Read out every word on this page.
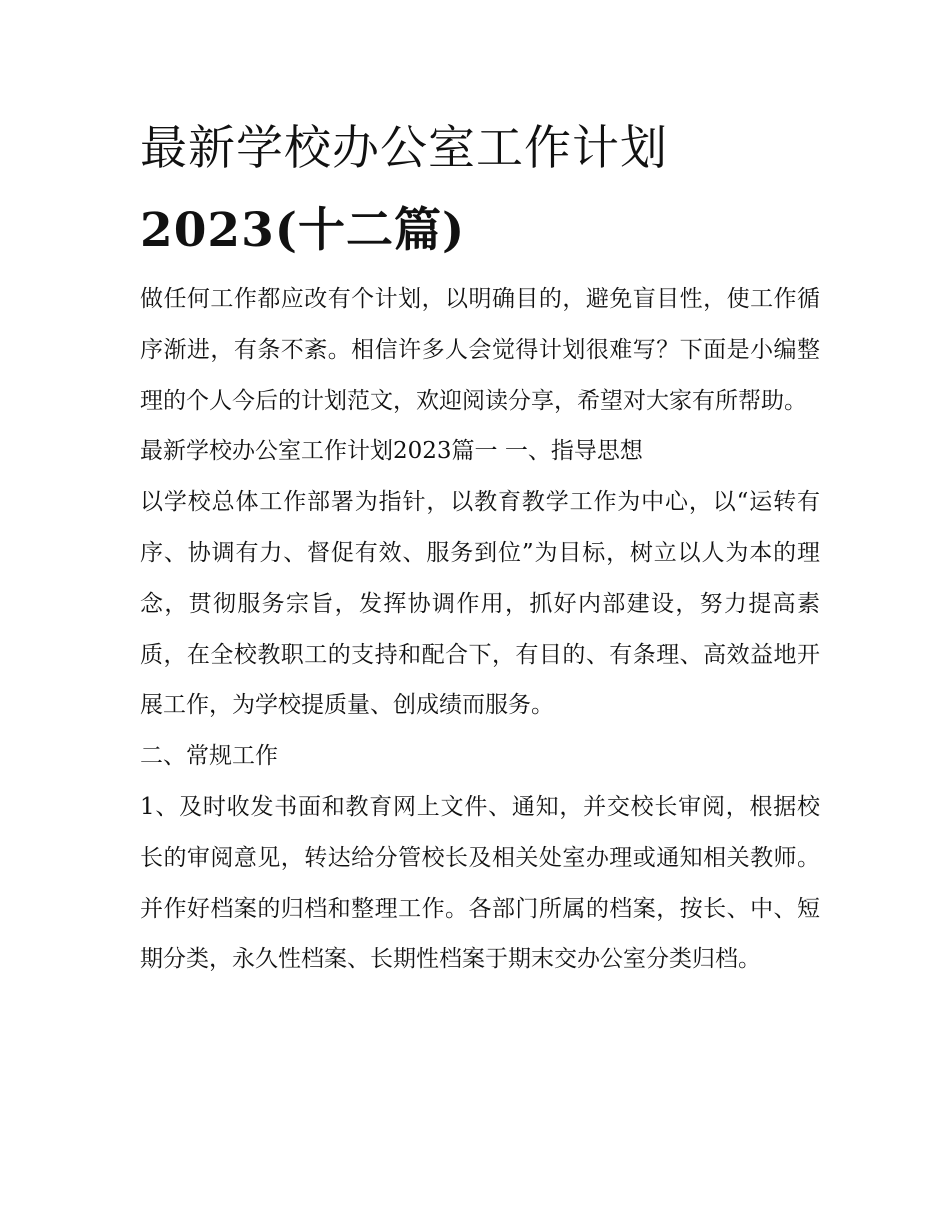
最新学校办公室工作计划
2023(十二篇)

做任何工作都应改有个计划，以明确目的，避免盲目性，使工作循序渐进，有条不紊。相信许多人会觉得计划很难写？下面是小编整理的个人今后的计划范文，欢迎阅读分享，希望对大家有所帮助。

最新学校办公室工作计划2023篇一 一、指导思想

以学校总体工作部署为指针，以教育教学工作为中心，以“运转有序、协调有力、督促有效、服务到位”为目标，树立以人为本的理念，贯彻服务宗旨，发挥协调作用，抓好内部建设，努力提高素质，在全校教职工的支持和配合下，有目的、有条理、高效益地开展工作，为学校提质量、创成绩而服务。

二、常规工作

1、及时收发书面和教育网上文件、通知，并交校长审阅，根据校长的审阅意见，转达给分管校长及相关处室办理或通知相关教师。并作好档案的归档和整理工作。各部门所属的档案，按长、中、短期分类，永久性档案、长期性档案于期末交办公室分类归档。
